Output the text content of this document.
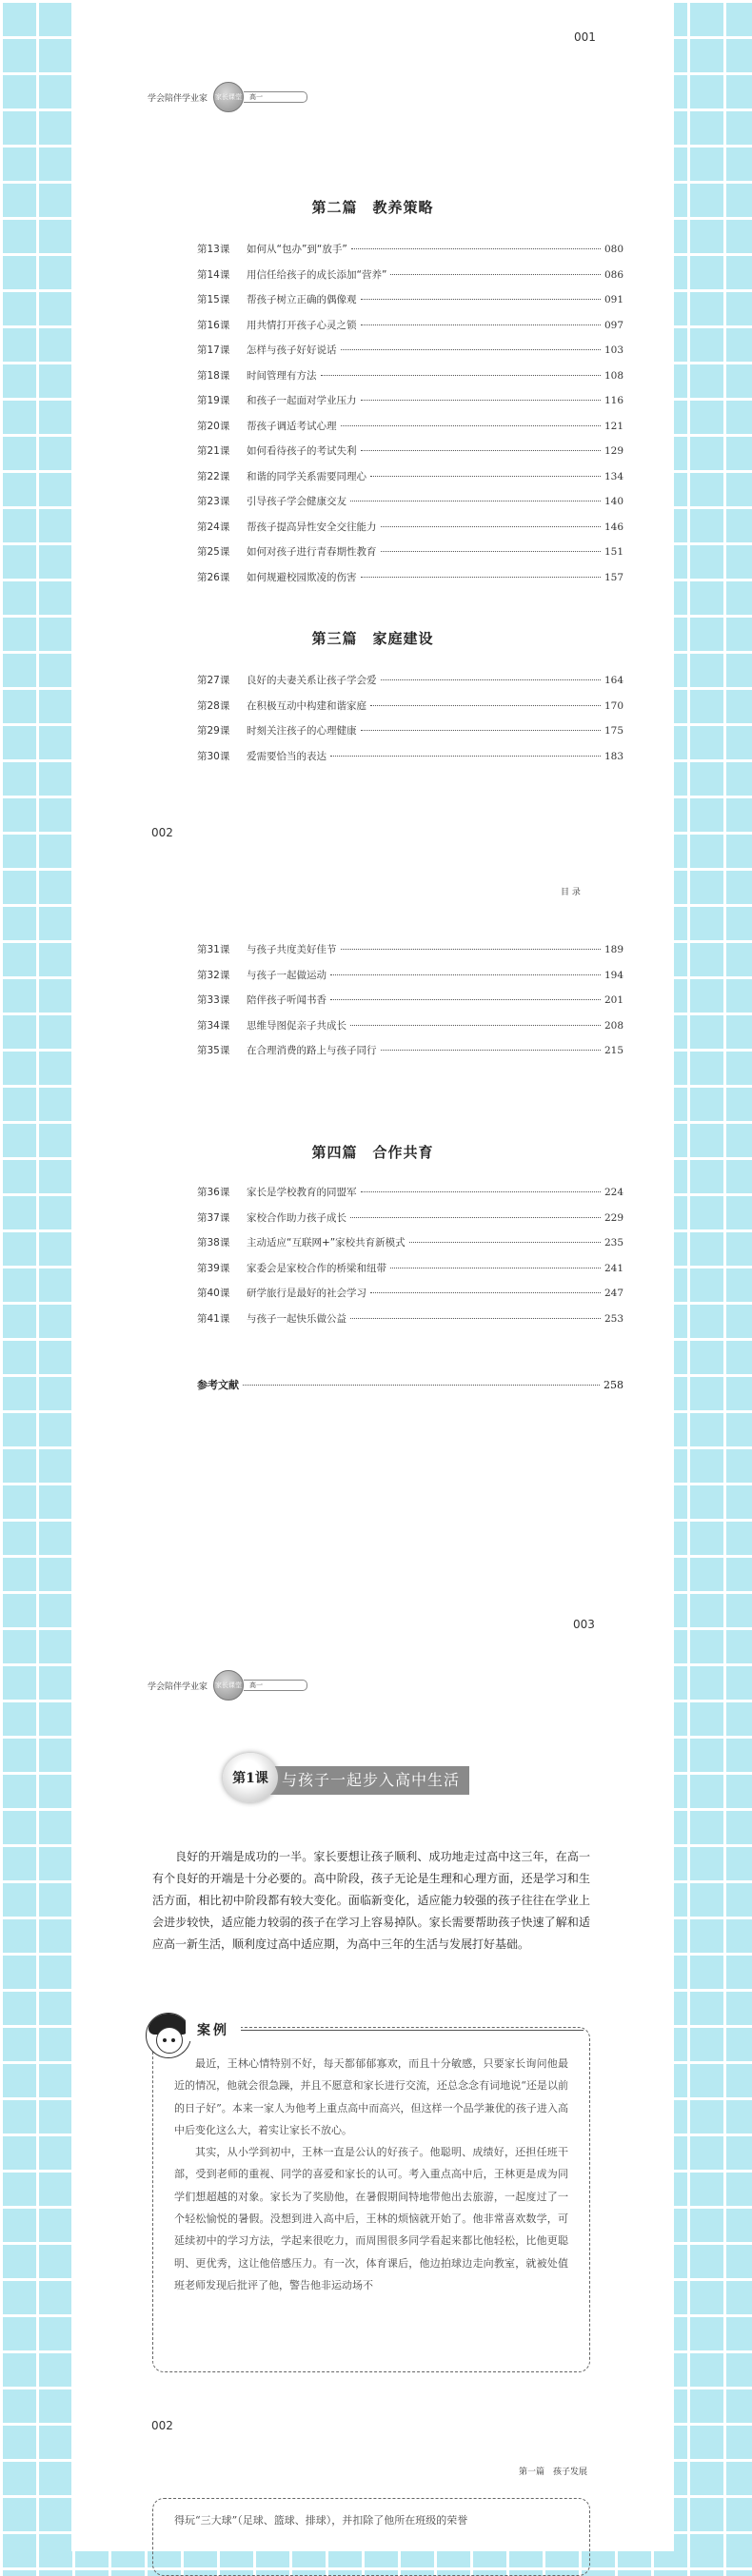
001
学会陪伴学业家 家长课堂	高一
第二篇　教养策略
第13课	如何从“包办”到“放手”	080
第14课	用信任给孩子的成长添加“营养”	086
第15课	帮孩子树立正确的偶像观	091
第16课	用共情打开孩子心灵之锁	097
第17课	怎样与孩子好好说话	103
第18课	时间管理有方法	108
第19课	和孩子一起面对学业压力	116
第20课	帮孩子调适考试心理	121
第21课	如何看待孩子的考试失利	129
第22课	和谐的同学关系需要同理心	134
第23课	引导孩子学会健康交友	140
第24课	帮孩子提高异性安全交往能力	146
第25课	如何对孩子进行青春期性教育	151
第26课	如何规避校园欺凌的伤害	157
第三篇　家庭建设
第27课	良好的夫妻关系让孩子学会爱	164
第28课	在积极互动中构建和谐家庭	170
第29课	时刻关注孩子的心理健康	175
第30课	爱需要恰当的表达	183
002
目 录
第31课	与孩子共度美好佳节	189
第32课	与孩子一起做运动	194
第33课	陪伴孩子听闻书香	201
第34课	思维导图促亲子共成长	208
第35课	在合理消费的路上与孩子同行	215
第四篇　合作共育
第36课	家长是学校教育的同盟军	224
第37课	家校合作助力孩子成长	229
第38课	主动适应“互联网+”家校共育新模式	235
第39课	家委会是家校合作的桥梁和纽带	241
第40课	研学旅行是最好的社会学习	247
第41课	与孩子一起快乐做公益	253
参考文献	258
003
学会陪伴学业家 家长课堂	高一
第1课 与孩子一起步入高中生活

良好的开端是成功的一半。家长要想让孩子顺利、成功地走过高中这三年，在高一有个良好的开端是十分必要的。高中阶段，孩子无论是生理和心理方面，还是学习和生活方面，相比初中阶段都有较大变化。面临新变化，适应能力较强的孩子往往在学业上会进步较快，适应能力较弱的孩子在学习上容易掉队。家长需要帮助孩子快速了解和适应高一新生活，顺利度过高中适应期，为高中三年的生活与发展打好基础。

案例

最近，王林心情特别不好，每天都郁郁寡欢，而且十分敏感，只要家长询问他最近的情况，他就会很急躁，并且不愿意和家长进行交流，还总念念有词地说“还是以前的日子好”。本来一家人为他考上重点高中而高兴，但这样一个品学兼优的孩子进入高中后变化这么大，着实让家长不放心。

其实，从小学到初中，王林一直是公认的好孩子。他聪明、成绩好，还担任班干部，受到老师的重视、同学的喜爱和家长的认可。考入重点高中后，王林更是成为同学们想超越的对象。家长为了奖励他，在暑假期间特地带他出去旅游，一起度过了一个轻松愉悦的暑假。没想到进入高中后，王林的烦恼就开始了。他非常喜欢数学，可延续初中的学习方法，学起来很吃力，而周围很多同学看起来都比他轻松，比他更聪明、更优秀，这让他倍感压力。有一次，体育课后，他边拍球边走向教室，就被处值班老师发现后批评了他，警告他非运动场不

002
第一篇　孩子发展

得玩“三大球”（足球、篮球、排球），并扣除了他所在班级的荣誉
